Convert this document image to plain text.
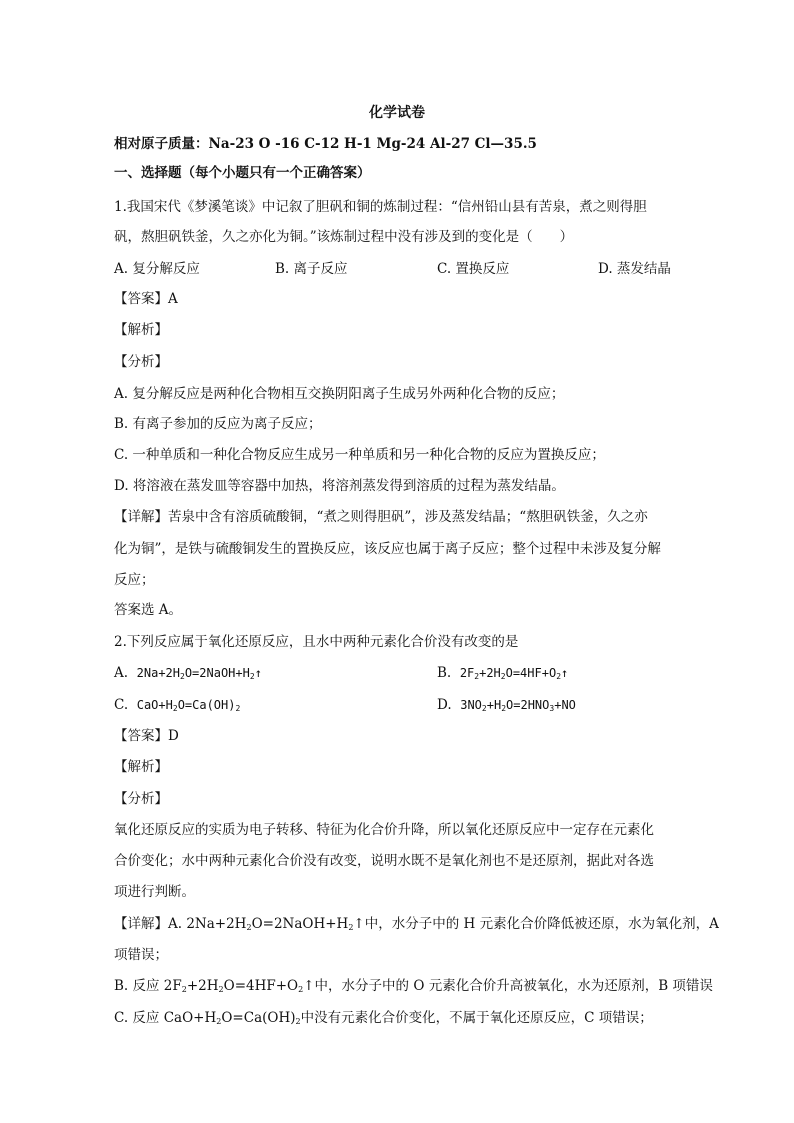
化学试卷
相对原子质量：Na-23 O -16 C-12 H-1 Mg-24 Al-27 Cl—35.5
一、选择题（每个小题只有一个正确答案）
1.我国宋代《梦溪笔谈》中记叙了胆矾和铜的炼制过程：“信州铅山县有苦泉，煮之则得胆
矾，熬胆矾铁釜，久之亦化为铜。”该炼制过程中没有涉及到的变化是（　　）
A. 复分解反应	B. 离子反应	C. 置换反应	D. 蒸发结晶
【答案】A
【解析】
【分析】
A. 复分解反应是两种化合物相互交换阴阳离子生成另外两种化合物的反应；
B. 有离子参加的反应为离子反应；
C. 一种单质和一种化合物反应生成另一种单质和另一种化合物的反应为置换反应；
D. 将溶液在蒸发皿等容器中加热，将溶剂蒸发得到溶质的过程为蒸发结晶。
【详解】苦泉中含有溶质硫酸铜，“煮之则得胆矾”，涉及蒸发结晶；“熬胆矾铁釜，久之亦
化为铜”，是铁与硫酸铜发生的置换反应，该反应也属于离子反应；整个过程中未涉及复分解
反应；
答案选 A。
2.下列反应属于氧化还原反应，且水中两种元素化合价没有改变的是
A. $2Na+2H_2O=2NaOH+H_2↑$	B. $2F_2+2H_2O=4HF+O_2↑$
C. $CaO+H_2O=Ca(OH)_2$	D. $3NO_2+H_2O=2HNO_3+NO$
【答案】D
【解析】
【分析】
氧化还原反应的实质为电子转移、特征为化合价升降，所以氧化还原反应中一定存在元素化
合价变化；水中两种元素化合价没有改变，说明水既不是氧化剂也不是还原剂，据此对各选
项进行判断。
【详解】A. $2Na+2H_2O=2NaOH+H_2↑$中，水分子中的 H 元素化合价降低被还原，水为氧化剂，A
项错误；
B. 反应 $2F_2+2H_2O=4HF+O_2↑$中，水分子中的 O 元素化合价升高被氧化，水为还原剂，B 项错误
C. 反应 $CaO+H_2O=Ca(OH)_2$中没有元素化合价变化，不属于氧化还原反应，C 项错误；
